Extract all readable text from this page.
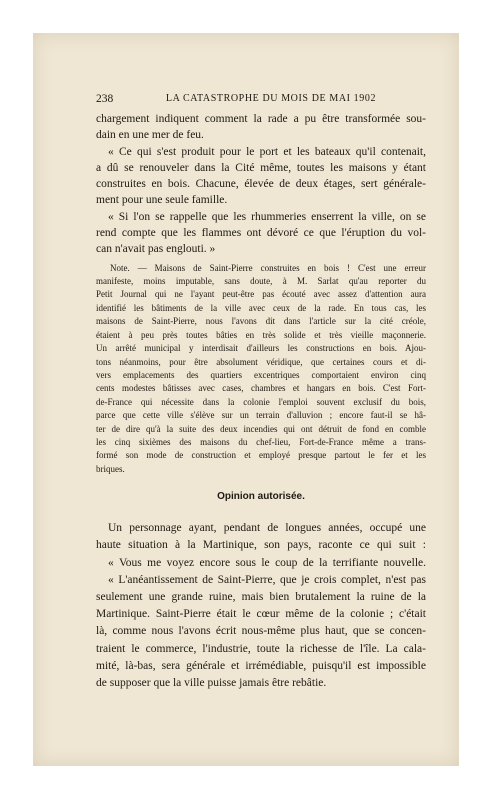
238	LA CATASTROPHE DU MOIS DE MAI 1902
chargement indiquent comment la rade a pu être transformée sou-
dain en une mer de feu.
« Ce qui s'est produit pour le port et les bateaux qu'il contenait,
a dû se renouveler dans la Cité même, toutes les maisons y étant
construites en bois. Chacune, élevée de deux étages, sert générale-
ment pour une seule famille.
« Si l'on se rappelle que les rhummeries enserrent la ville, on se
rend compte que les flammes ont dévoré ce que l'éruption du vol-
can n'avait pas englouti. »
Note. — Maisons de Saint-Pierre construites en bois ! C'est une erreur
manifeste, moins imputable, sans doute, à M. Sarlat qu'au reporter du
Petit Journal qui ne l'ayant peut-être pas écouté avec assez d'attention aura
identifié les bâtiments de la ville avec ceux de la rade. En tous cas, les
maisons de Saint-Pierre, nous l'avons dit dans l'article sur la cité créole,
étaient à peu près toutes bâties en très solide et très vieille maçonnerie.
Un arrêté municipal y interdisait d'ailleurs les constructions en bois. Ajou-
tons néanmoins, pour être absolument véridique, que certaines cours et di-
vers emplacements des quartiers excentriques comportaient environ cinq
cents modestes bâtisses avec cases, chambres et hangars en bois. C'est Fort-
de-France qui nécessite dans la colonie l'emploi souvent exclusif du bois,
parce que cette ville s'élève sur un terrain d'alluvion ; encore faut-il se hâ-
ter de dire qu'à la suite des deux incendies qui ont détruit de fond en comble
les cinq sixièmes des maisons du chef-lieu, Fort-de-France même a trans-
formé son mode de construction et employé presque partout le fer et les
briques.
Opinion autorisée.
Un personnage ayant, pendant de longues années, occupé une
haute situation à la Martinique, son pays, raconte ce qui suit :
« Vous me voyez encore sous le coup de la terrifiante nouvelle.
« L'anéantissement de Saint-Pierre, que je crois complet, n'est pas
seulement une grande ruine, mais bien brutalement la ruine de la
Martinique. Saint-Pierre était le cœur même de la colonie ; c'était
là, comme nous l'avons écrit nous-même plus haut, que se concen-
traient le commerce, l'industrie, toute la richesse de l'île. La cala-
mité, là-bas, sera générale et irrémédiable, puisqu'il est impossible
de supposer que la ville puisse jamais être rebâtie.
